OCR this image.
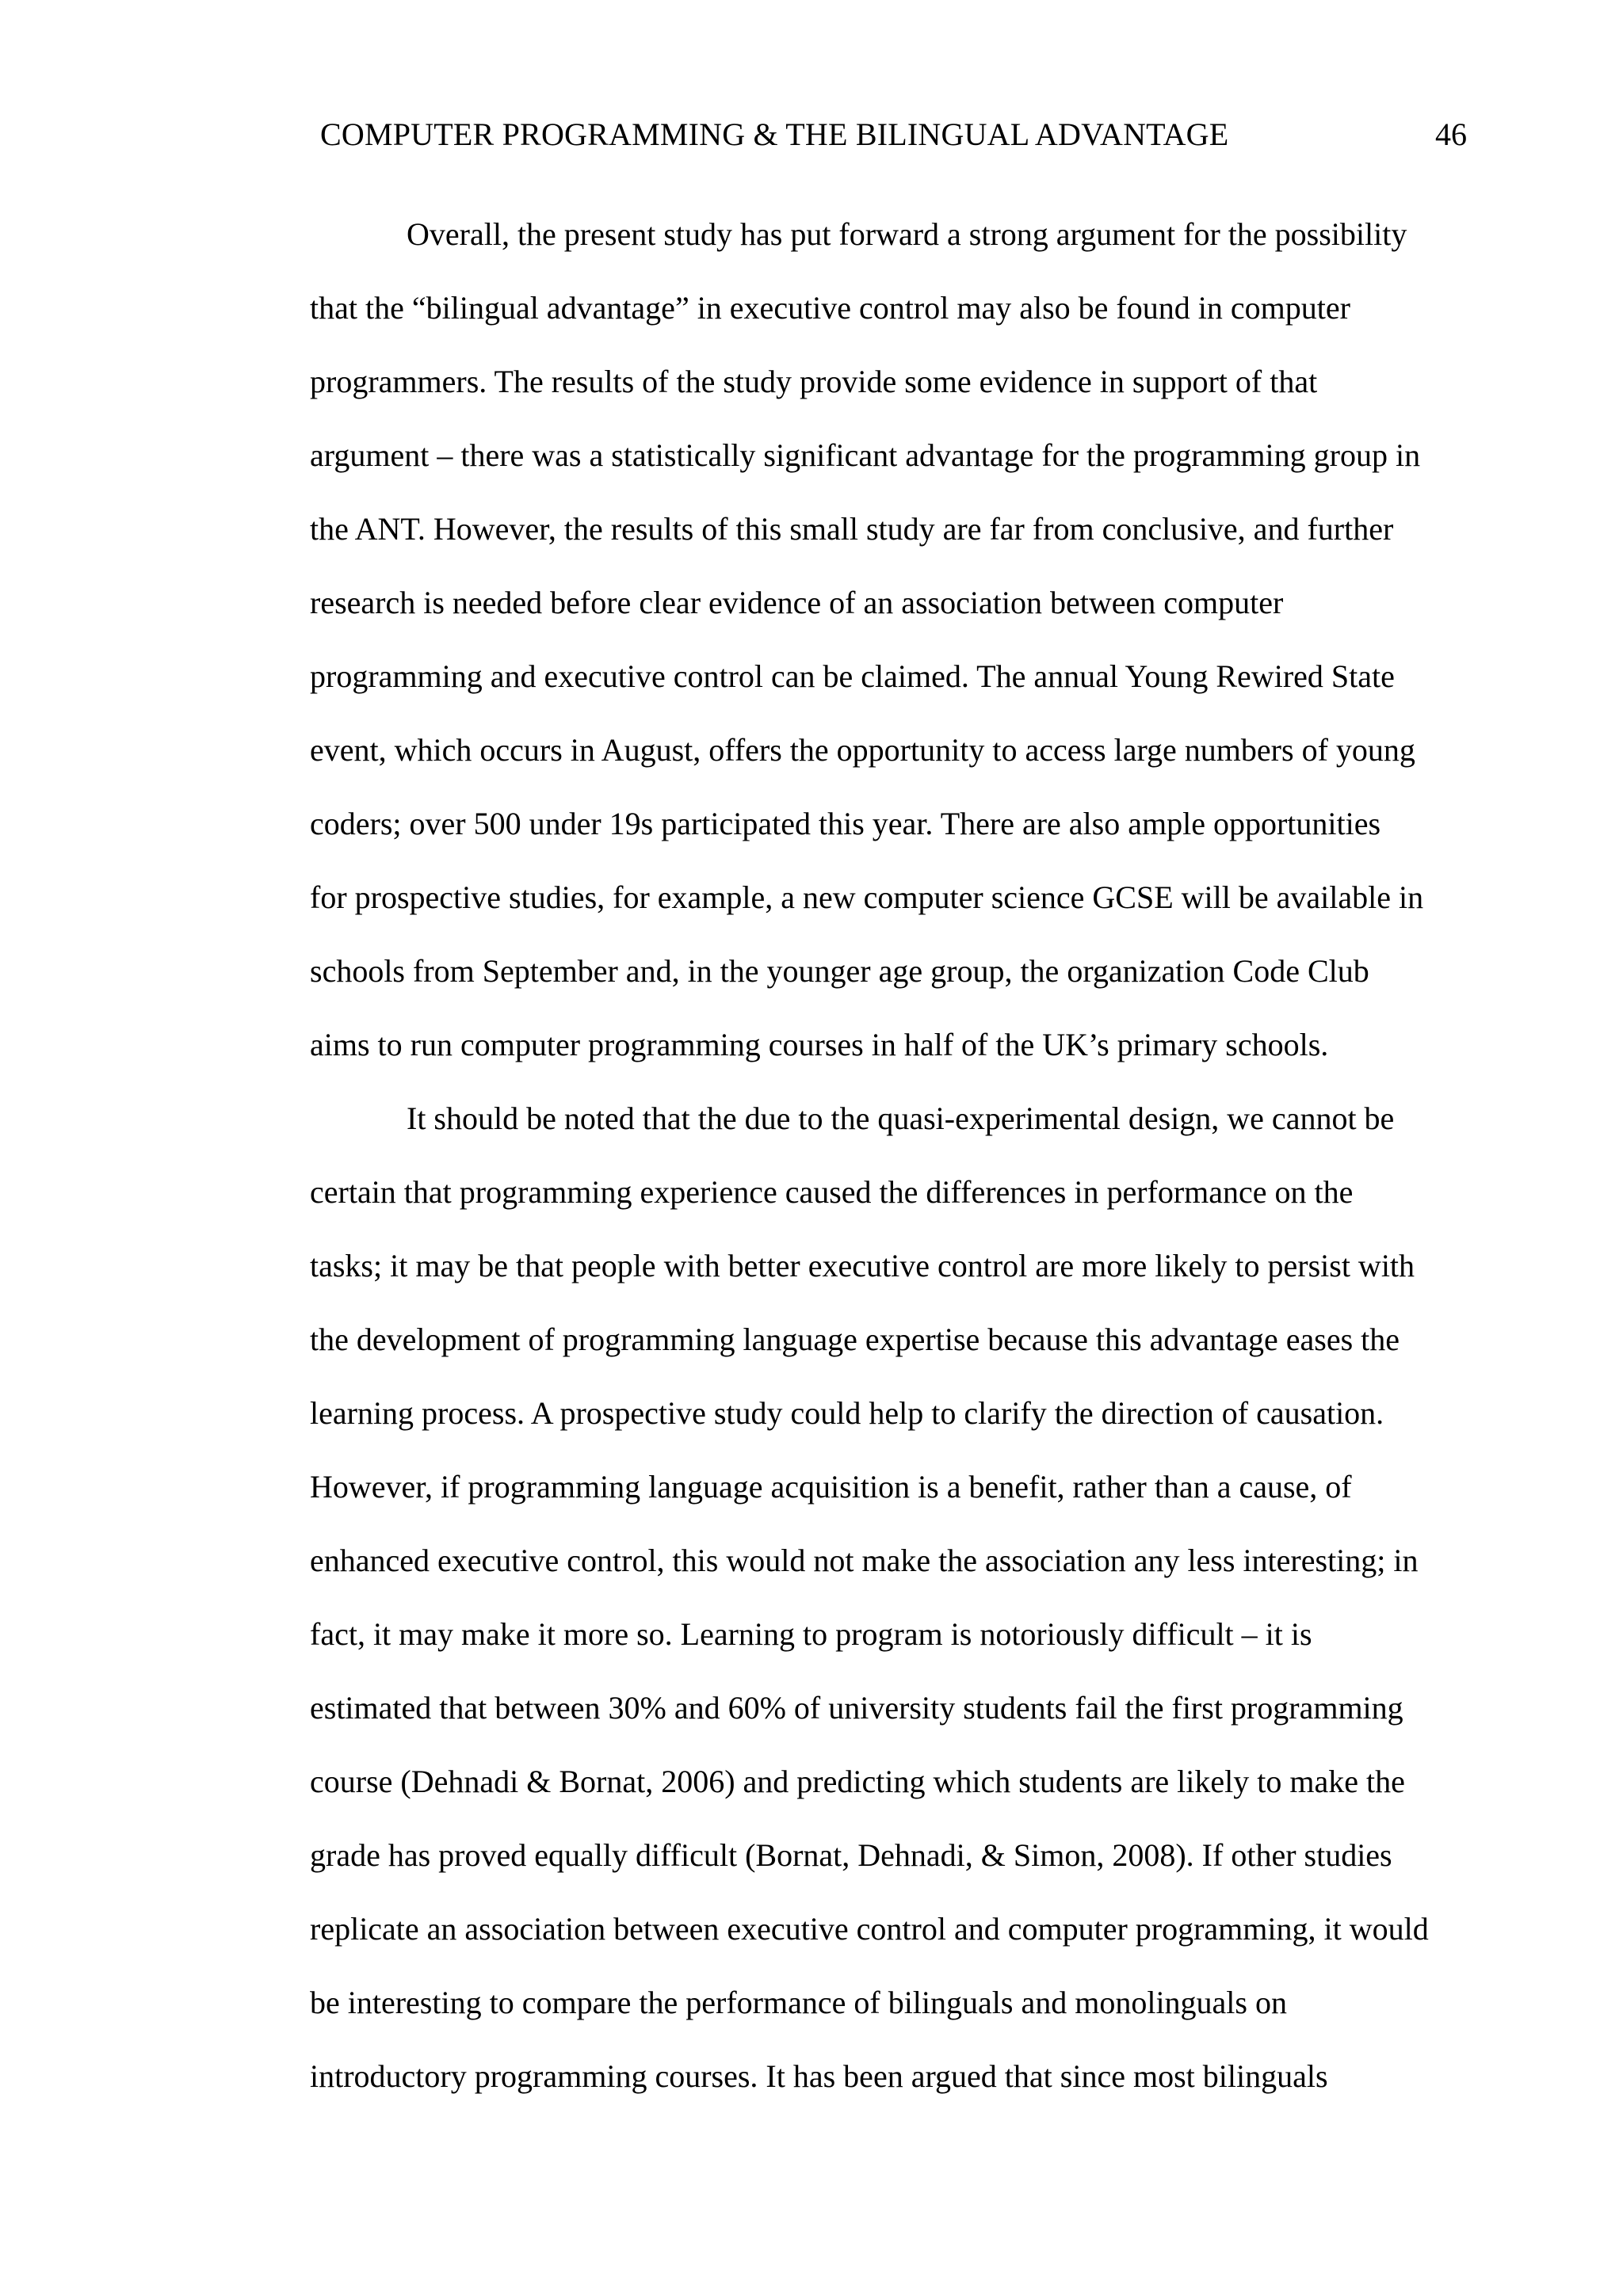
COMPUTER PROGRAMMING & THE BILINGUAL ADVANTAGE	46
Overall, the present study has put forward a strong argument for the possibility
that the “bilingual advantage” in executive control may also be found in computer
programmers. The results of the study provide some evidence in support of that
argument – there was a statistically significant advantage for the programming group in
the ANT. However, the results of this small study are far from conclusive, and further
research is needed before clear evidence of an association between computer
programming and executive control can be claimed. The annual Young Rewired State
event, which occurs in August, offers the opportunity to access large numbers of young
coders; over 500 under 19s participated this year. There are also ample opportunities
for prospective studies, for example, a new computer science GCSE will be available in
schools from September and, in the younger age group, the organization Code Club
aims to run computer programming courses in half of the UK’s primary schools.
It should be noted that the due to the quasi-experimental design, we cannot be
certain that programming experience caused the differences in performance on the
tasks; it may be that people with better executive control are more likely to persist with
the development of programming language expertise because this advantage eases the
learning process. A prospective study could help to clarify the direction of causation.
However, if programming language acquisition is a benefit, rather than a cause, of
enhanced executive control, this would not make the association any less interesting; in
fact, it may make it more so. Learning to program is notoriously difficult – it is
estimated that between 30% and 60% of university students fail the first programming
course (Dehnadi & Bornat, 2006) and predicting which students are likely to make the
grade has proved equally difficult (Bornat, Dehnadi, & Simon, 2008). If other studies
replicate an association between executive control and computer programming, it would
be interesting to compare the performance of bilinguals and monolinguals on
introductory programming courses. It has been argued that since most bilinguals
